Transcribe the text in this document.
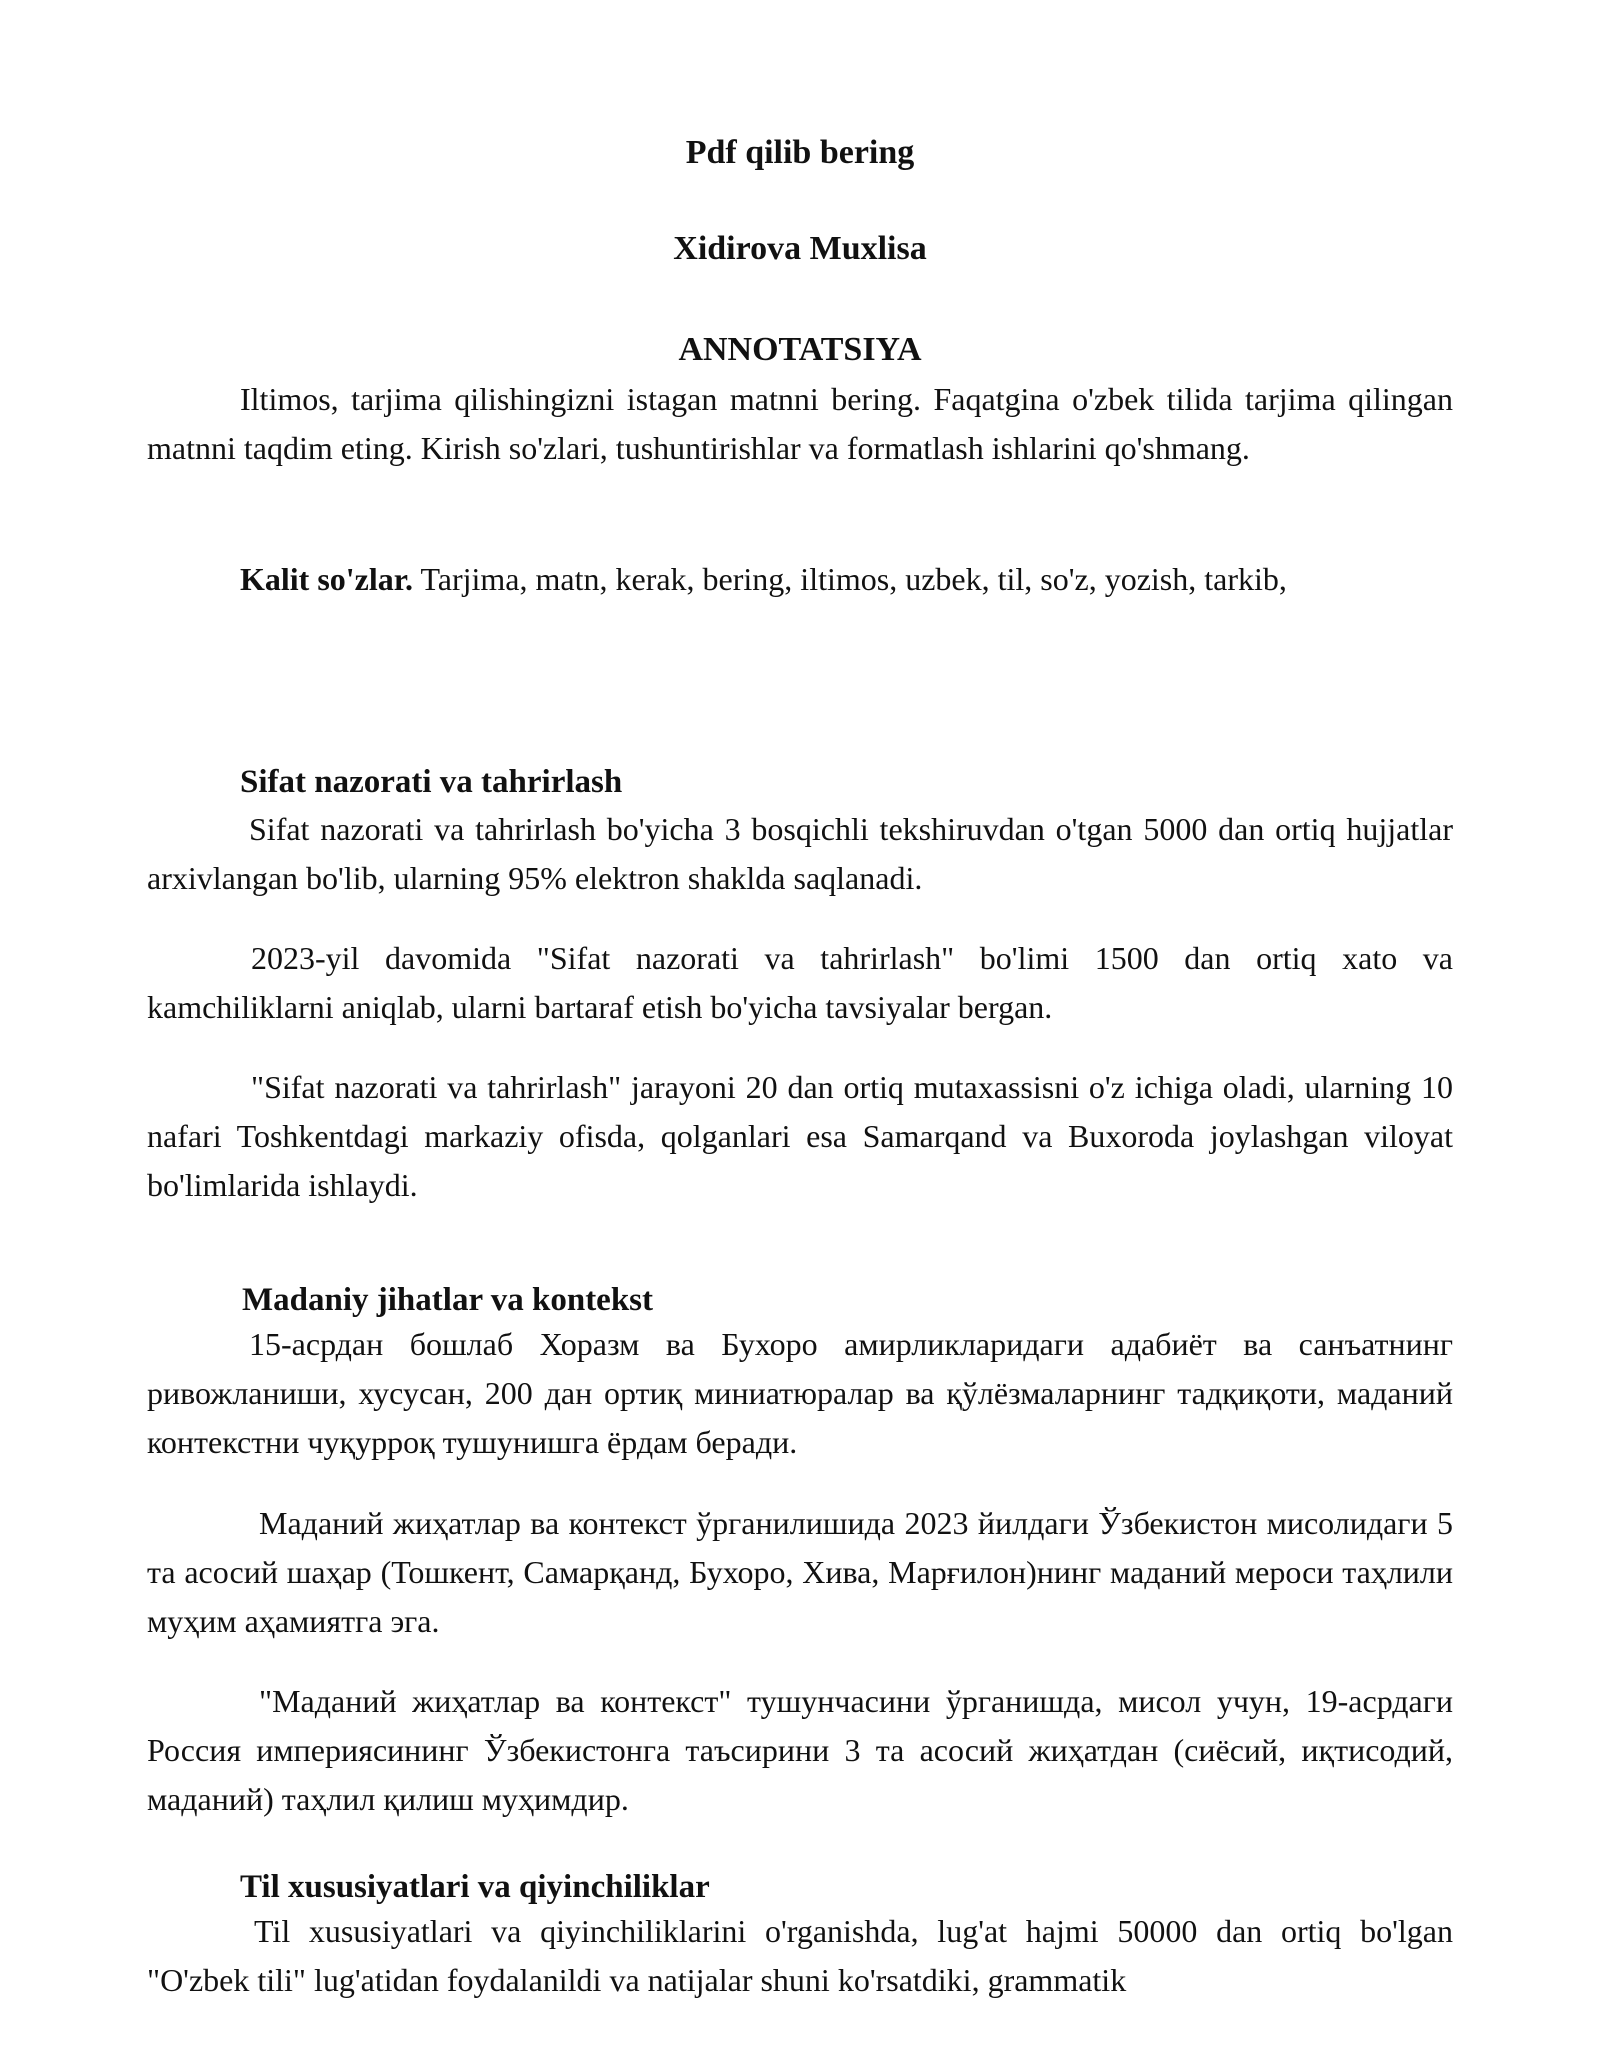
Pdf qilib bering
Xidirova Muxlisa
ANNOTATSIYA
Iltimos, tarjima qilishingizni istagan matnni bering. Faqatgina o'zbek tilida tarjima qilingan matnni taqdim eting. Kirish so'zlari, tushuntirishlar va formatlash ishlarini qo'shmang.
Kalit so'zlar. Tarjima, matn, kerak, bering, iltimos, uzbek, til, so'z, yozish, tarkib,
Sifat nazorati va tahrirlash
Sifat nazorati va tahrirlash bo'yicha 3 bosqichli tekshiruvdan o'tgan 5000 dan ortiq hujjatlar arxivlangan bo'lib, ularning 95% elektron shaklda saqlanadi.
2023-yil davomida "Sifat nazorati va tahrirlash" bo'limi 1500 dan ortiq xato va kamchiliklarni aniqlab, ularni bartaraf etish bo'yicha tavsiyalar bergan.
"Sifat nazorati va tahrirlash" jarayoni 20 dan ortiq mutaxassisni o'z ichiga oladi, ularning 10 nafari Toshkentdagi markaziy ofisda, qolganlari esa Samarqand va Buxoroda joylashgan viloyat bo'limlarida ishlaydi.
Madaniy jihatlar va kontekst
15-асрдан бошлаб Хоразм ва Бухоро амирликларидаги адабиёт ва санъатнинг ривожланиши, хусусан, 200 дан ортиқ миниатюралар ва қўлёзмаларнинг тадқиқоти, маданий контекстни чуқурроқ тушунишга ёрдам беради.
Маданий жиҳатлар ва контекст ўрганилишида 2023 йилдаги Ўзбекистон мисолидаги 5 та асосий шаҳар (Тошкент, Самарқанд, Бухоро, Хива, Марғилон)нинг маданий мероси таҳлили муҳим аҳамиятга эга.
"Маданий жиҳатлар ва контекст" тушунчасини ўрганишда, мисол учун, 19-асрдаги Россия империясининг Ўзбекистонга таъсирини 3 та асосий жиҳатдан (сиёсий, иқтисодий, маданий) таҳлил қилиш муҳимдир.
Til xususiyatlari va qiyinchiliklar
Til xususiyatlari va qiyinchiliklarini o'rganishda, lug'at hajmi 50000 dan ortiq bo'lgan "O'zbek tili" lug'atidan foydalanildi va natijalar shuni ko'rsatdiki, grammatik
